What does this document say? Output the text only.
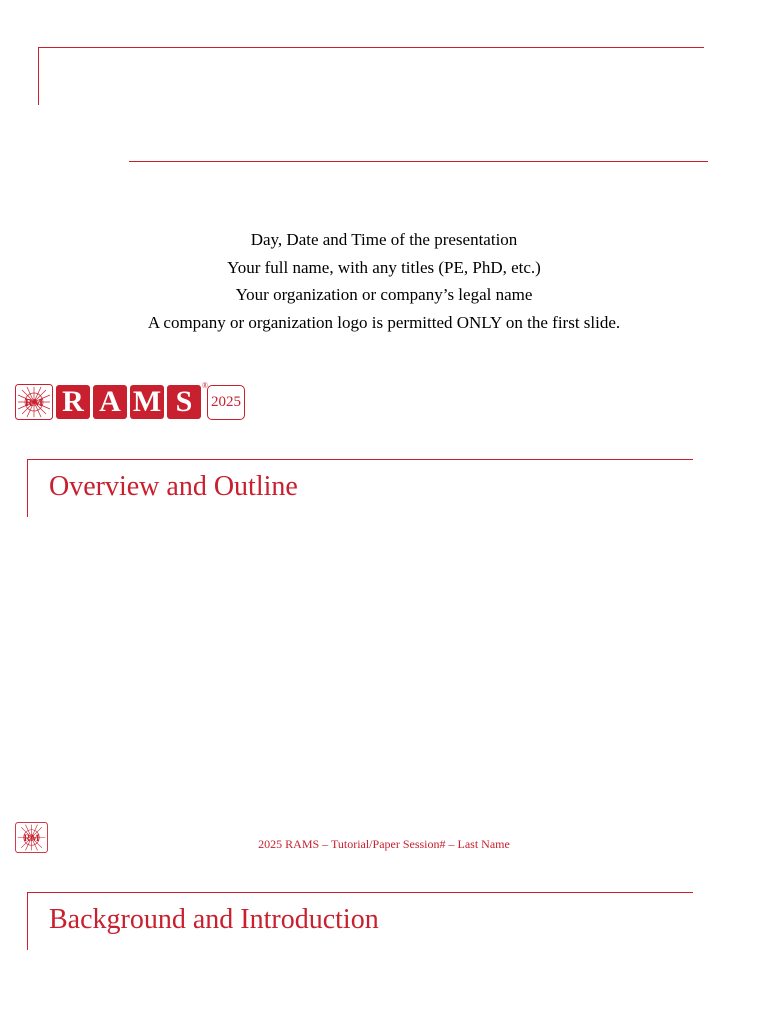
Day, Date and Time of the presentation
Your full name, with any titles (PE, PhD, etc.)
Your organization or company’s legal name
A company or organization logo is permitted ONLY on the first slide.
RM R A M S ®
2025
Overview and Outline
RM	2025 RAMS – Tutorial/Paper Session# – Last Name
Background and Introduction
